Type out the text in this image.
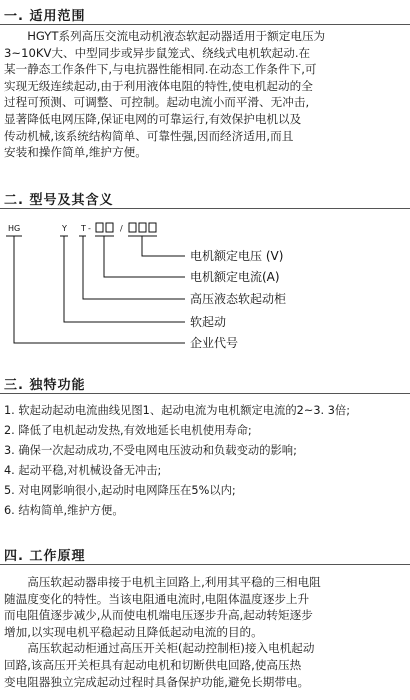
一. 适用范围
　　HGYT系列高压交流电动机液态软起动器适用于额定电压为
3~10KV大、中型同步或异步鼠笼式、绕线式电机软起动.在
某一静态工作条件下,与电抗器性能相同.在动态工作条件下,可
实现无级连续起动,由于利用液体电阻的特性,使电机起动的全
过程可预测、可调整、可控制。起动电流小而平滑、无冲击,
显著降低电网压降,保证电网的可靠运行,有效保护电机以及
传动机械,该系统结构简单、可靠性强,因而经济适用,而且
安装和操作简单,维护方便。
二. 型号及其含义
HG	Y T -	/
电机额定电压 (V)
电机额定电流(A)
高压液态软起动柜
软起动
企业代号
三. 独特功能
1. 软起动起动电流曲线见图1、起动电流为电机额定电流的2~3. 3倍;
2. 降低了电机起动发热,有效地延长电机使用寿命;
3. 确保一次起动成功,不受电网电压波动和负载变动的影响;
4. 起动平稳,对机械设备无冲击;
5. 对电网影响很小,起动时电网降压在5%以内;
6. 结构简单,维护方便。
四. 工作原理
　　高压软起动器串接于电机主回路上,利用其平稳的三相电阻
随温度变化的特性。当该电阻通电流时,电阻体温度逐步上升
而电阻值逐步减少,从而使电机端电压逐步升高,起动转矩逐步
增加,以实现电机平稳起动且降低起动电流的目的。
　　高压软起动柜通过高压开关柜(起动控制柜)接入电机起动
回路,该高压开关柜具有起动电机和切断供电回路,使高压热
变电阻器独立完成起动过程时具备保护功能,避免长期带电。
